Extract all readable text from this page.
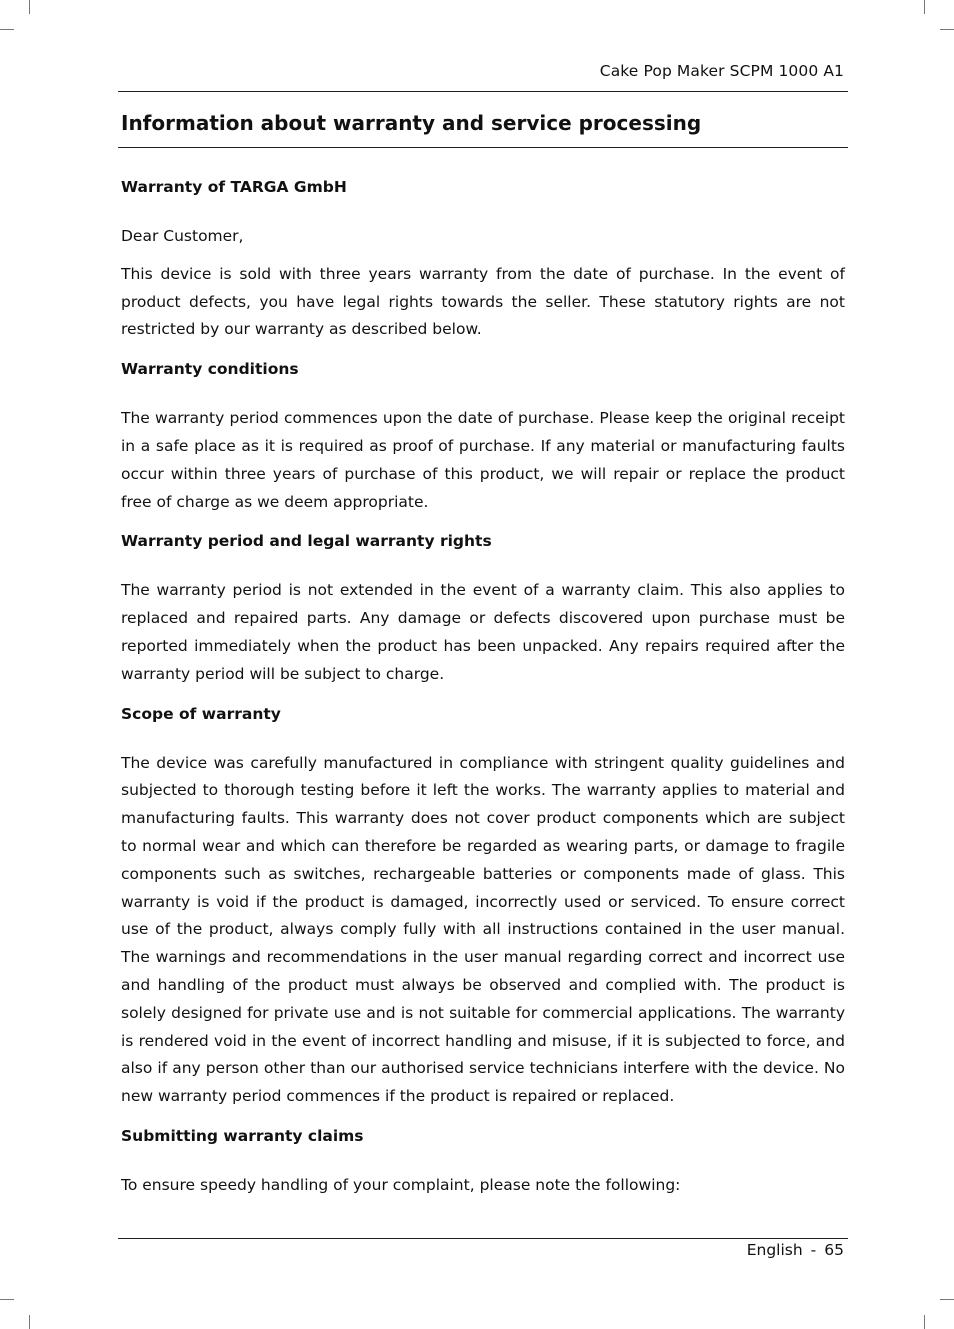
Cake Pop Maker SCPM 1000 A1
Information about warranty and service processing
Warranty of TARGA GmbH

Dear Customer,

This device is sold with three years warranty from the date of purchase. In the event of product defects, you have legal rights towards the seller. These statutory rights are not restricted by our warranty as described below.

Warranty conditions

The warranty period commences upon the date of purchase. Please keep the original receipt in a safe place as it is required as proof of purchase. If any material or manufacturing faults occur within three years of purchase of this product, we will repair or replace the product free of charge as we deem appropriate.

Warranty period and legal warranty rights

The warranty period is not extended in the event of a warranty claim. This also applies to replaced and repaired parts. Any damage or defects discovered upon purchase must be reported immediately when the product has been unpacked. Any repairs required after the warranty period will be subject to charge.

Scope of warranty

The device was carefully manufactured in compliance with stringent quality guidelines and subjected to thorough testing before it left the works. The warranty applies to material and manufacturing faults. This warranty does not cover product components which are subject to normal wear and which can therefore be regarded as wearing parts, or damage to fragile components such as switches, rechargeable batteries or components made of glass. This warranty is void if the product is damaged, incorrectly used or serviced. To ensure correct use of the product, always comply fully with all instructions contained in the user manual. The warnings and recommendations in the user manual regarding correct and incorrect use and handling of the product must always be observed and complied with. The product is solely designed for private use and is not suitable for commercial applications. The warranty is rendered void in the event of incorrect handling and misuse, if it is subjected to force, and also if any person other than our authorised service technicians interfere with the device. No new warranty period commences if the product is repaired or replaced.

Submitting warranty claims

To ensure speedy handling of your complaint, please note the following:

English - 65
